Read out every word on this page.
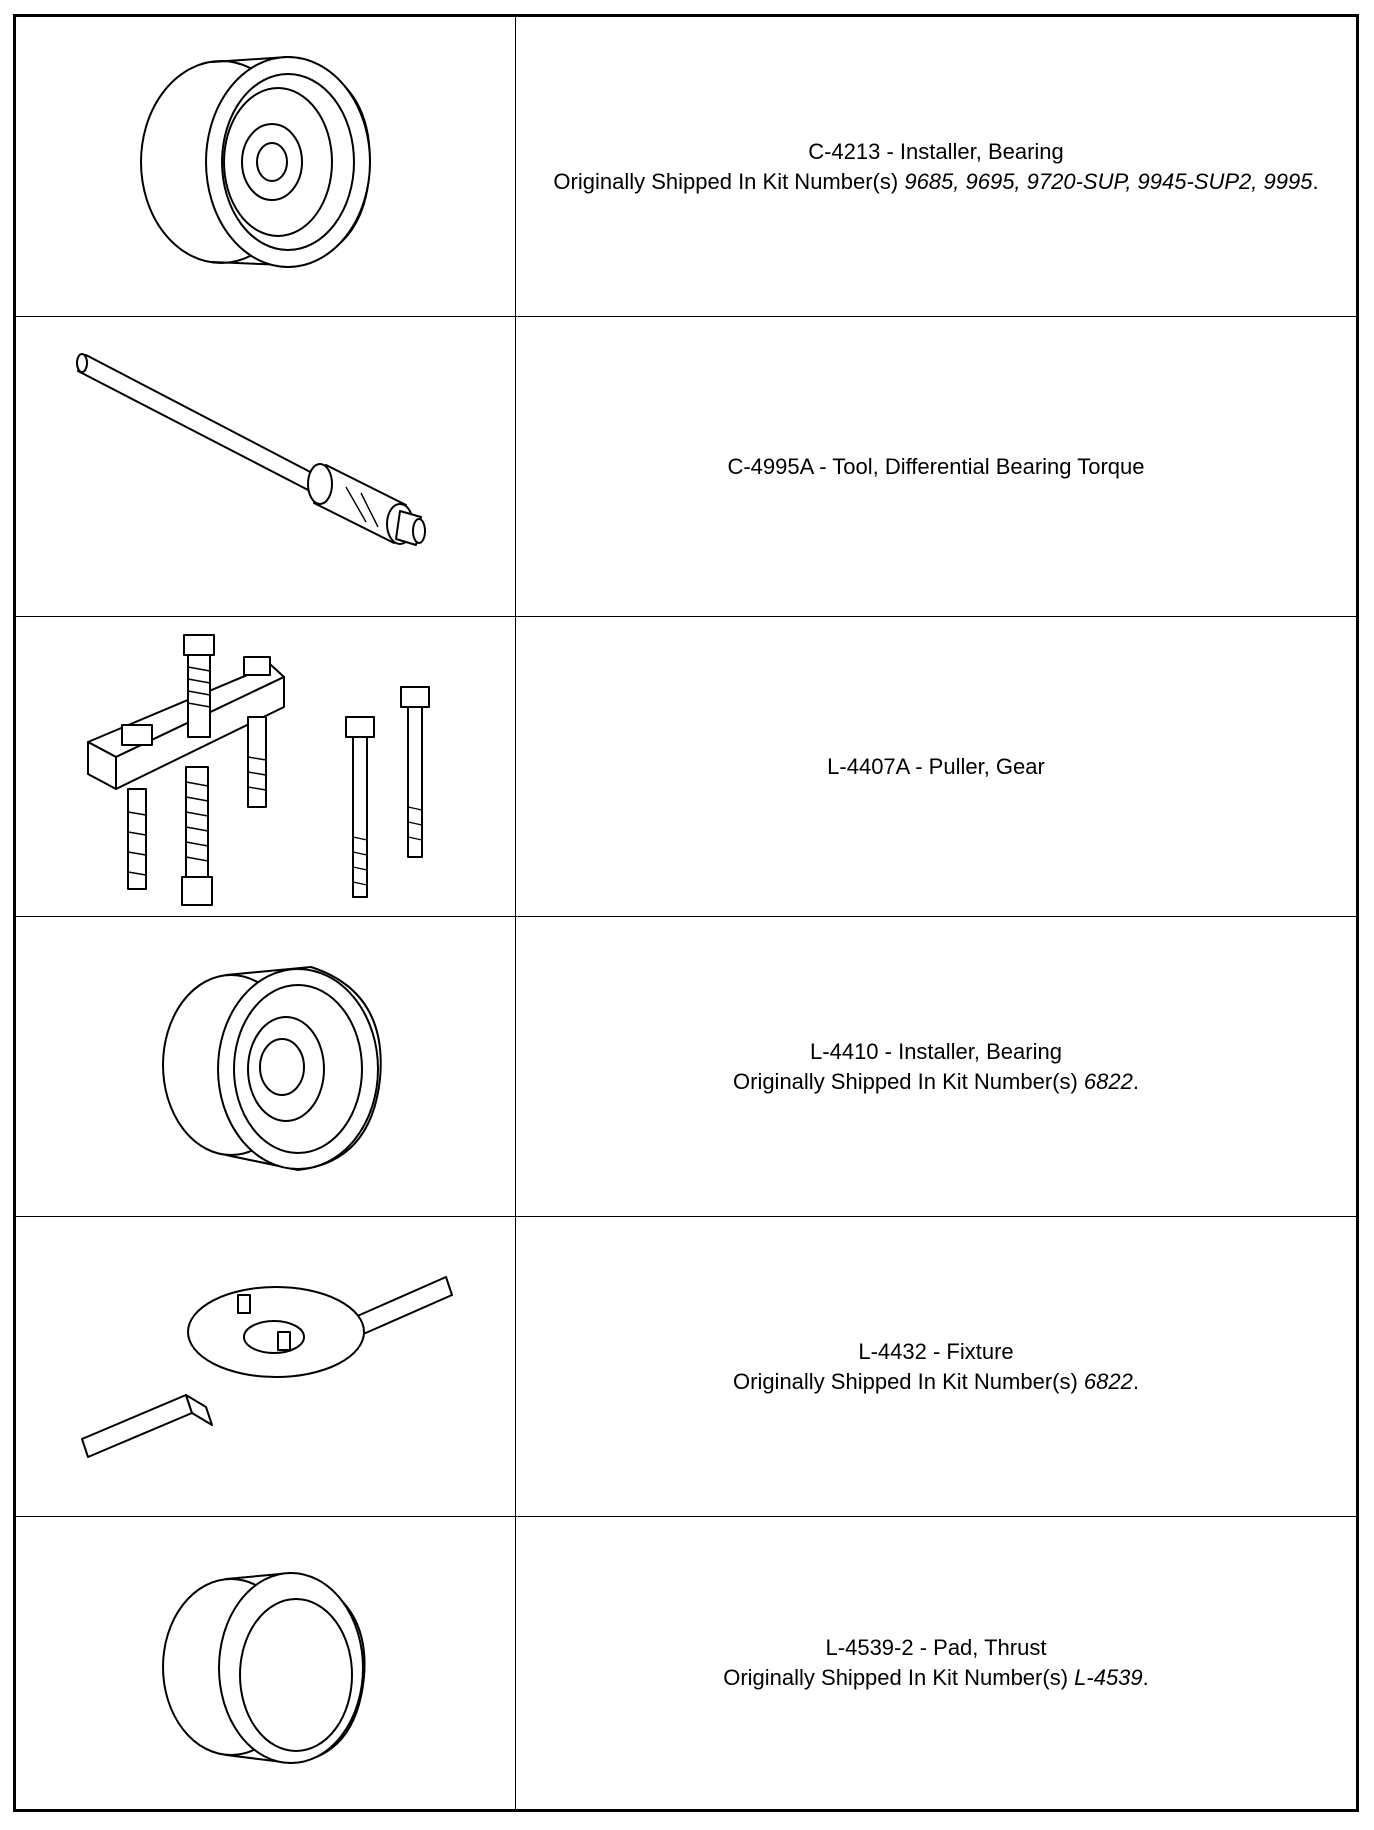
C-4213 - Installer, Bearing
Originally Shipped In Kit Number(s) 9685, 9695, 9720-SUP, 9945-SUP2, 9995.
C-4995A - Tool, Differential Bearing Torque
L-4407A - Puller, Gear
L-4410 - Installer, Bearing
Originally Shipped In Kit Number(s) 6822.
L-4432 - Fixture
Originally Shipped In Kit Number(s) 6822.
L-4539-2 - Pad, Thrust
Originally Shipped In Kit Number(s) L-4539.
